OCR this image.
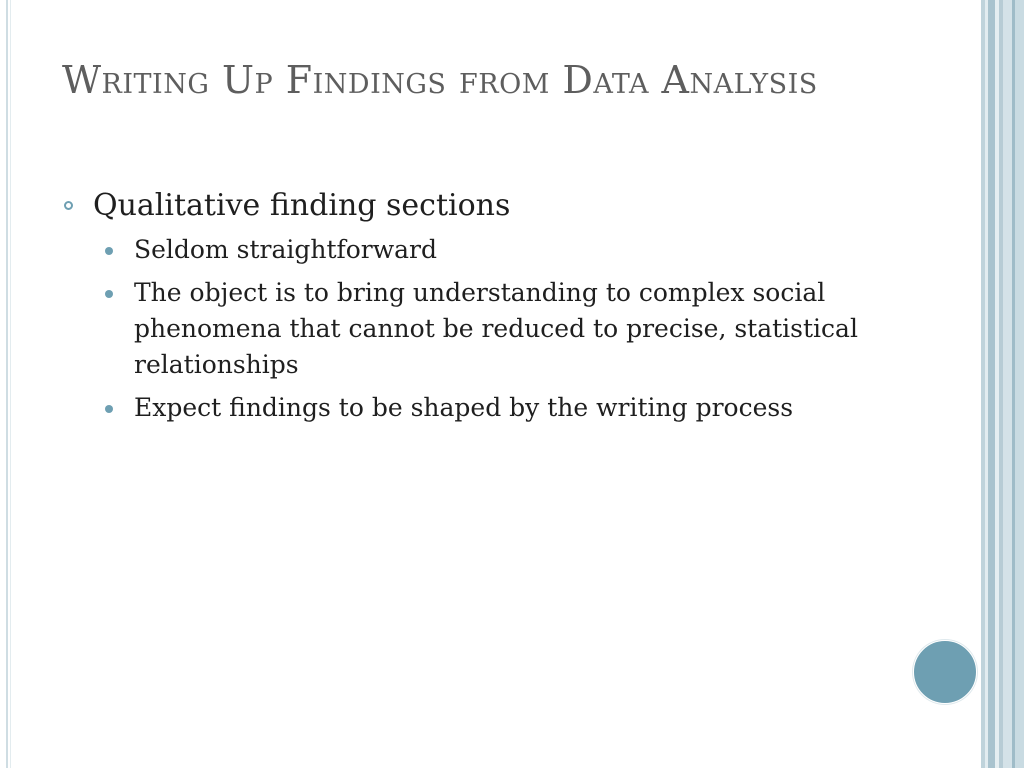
Writing Up Findings from Data Analysis
Qualitative finding sections
Seldom straightforward
The object is to bring understanding to complex social phenomena that cannot be reduced to precise, statistical relationships
Expect findings to be shaped by the writing process
